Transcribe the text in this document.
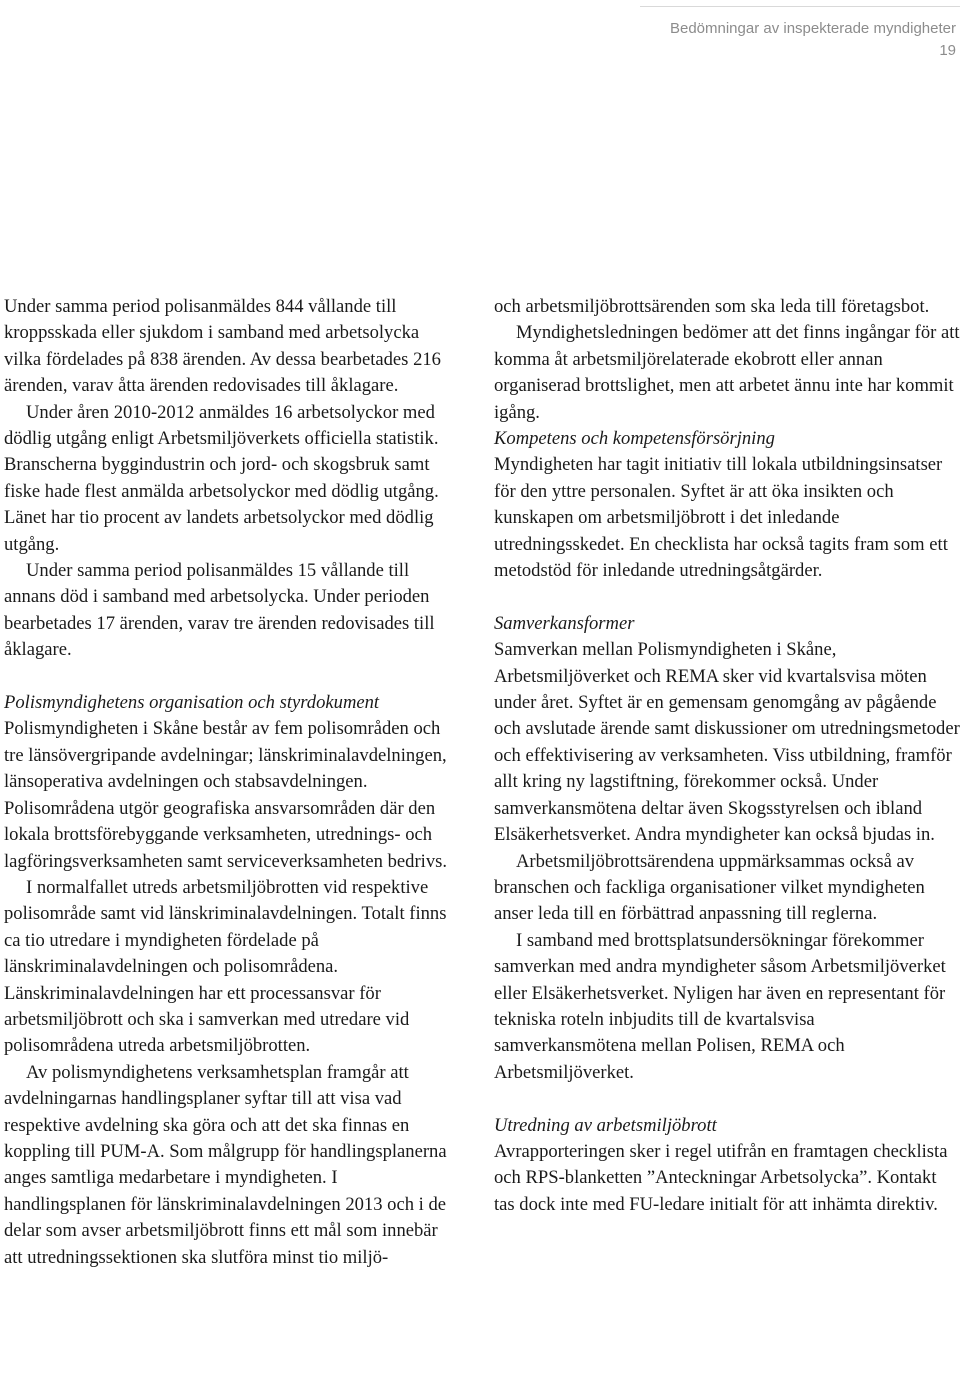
Bedömningar av inspekterade myndigheter
19

Under samma period polisanmäldes 844 vållande till kroppsskada eller sjukdom i samband med arbetsolycka vilka fördelades på 838 ärenden. Av dessa bearbetades 216 ärenden, varav åtta ärenden redovisades till åklagare.

Under åren 2010-2012 anmäldes 16 arbetsolyckor med dödlig utgång enligt Arbetsmiljöverkets officiella statistik. Branscherna byggindustrin och jord- och skogsbruk samt fiske hade flest anmälda arbetsolyckor med dödlig utgång. Länet har tio procent av landets arbetsolyckor med dödlig utgång.

Under samma period polisanmäldes 15 vållande till annans död i samband med arbetsolycka. Under perioden bearbetades 17 ärenden, varav tre ärenden redovisades till åklagare.

Polismyndighetens organisation och styrdokument

Polismyndigheten i Skåne består av fem polisområden och tre länsövergripande avdelningar; länskriminalavdelningen, länsoperativa avdelningen och stabsavdelningen. Polisområdena utgör geografiska ansvarsområden där den lokala brottsförebyggande verksamheten, utrednings- och lagföringsverksamheten samt serviceverksamheten bedrivs.

I normalfallet utreds arbetsmiljöbrotten vid respektive polisområde samt vid länskriminalavdelningen. Totalt finns ca tio utredare i myndigheten fördelade på länskriminalavdelningen och polisområdena. Länskriminalavdelningen har ett processansvar för arbetsmiljöbrott och ska i samverkan med utredare vid polisområdena utreda arbetsmiljöbrotten.

Av polismyndighetens verksamhetsplan framgår att avdelningarnas handlingsplaner syftar till att visa vad respektive avdelning ska göra och att det ska finnas en koppling till PUM-A. Som målgrupp för handlingsplanerna anges samtliga medarbetare i myndigheten. I handlingsplanen för länskriminalavdelningen 2013 och i de delar som avser arbetsmiljöbrott finns ett mål som innebär att utredningssektionen ska slutföra minst tio miljö-

och arbetsmiljöbrottsärenden som ska leda till företagsbot.

Myndighetsledningen bedömer att det finns ingångar för att komma åt arbetsmiljörelaterade ekobrott eller annan organiserad brottslighet, men att arbetet ännu inte har kommit igång.

Kompetens och kompetensförsörjning

Myndigheten har tagit initiativ till lokala utbildningsinsatser för den yttre personalen. Syftet är att öka insikten och kunskapen om arbetsmiljöbrott i det inledande utredningsskedet. En checklista har också tagits fram som ett metodstöd för inledande utredningsåtgärder.

Samverkansformer

Samverkan mellan Polismyndigheten i Skåne, Arbetsmiljöverket och REMA sker vid kvartalsvisa möten under året. Syftet är en gemensam genomgång av pågående och avslutade ärende samt diskussioner om utredningsmetoder och effektivisering av verksamheten. Viss utbildning, framför allt kring ny lagstiftning, förekommer också. Under samverkansmötena deltar även Skogsstyrelsen och ibland Elsäkerhetsverket. Andra myndigheter kan också bjudas in.

Arbetsmiljöbrottsärendena uppmärksammas också av branschen och fackliga organisationer vilket myndigheten anser leda till en förbättrad anpassning till reglerna.

I samband med brottsplatsundersökningar förekommer samverkan med andra myndigheter såsom Arbetsmiljöverket eller Elsäkerhetsverket. Nyligen har även en representant för tekniska roteln inbjudits till de kvartalsvisa samverkansmötena mellan Polisen, REMA och Arbetsmiljöverket.

Utredning av arbetsmiljöbrott

Avrapporteringen sker i regel utifrån en framtagen checklista och RPS-blanketten ”Anteckningar Arbetsolycka”. Kontakt tas dock inte med FU-ledare initialt för att inhämta direktiv.
